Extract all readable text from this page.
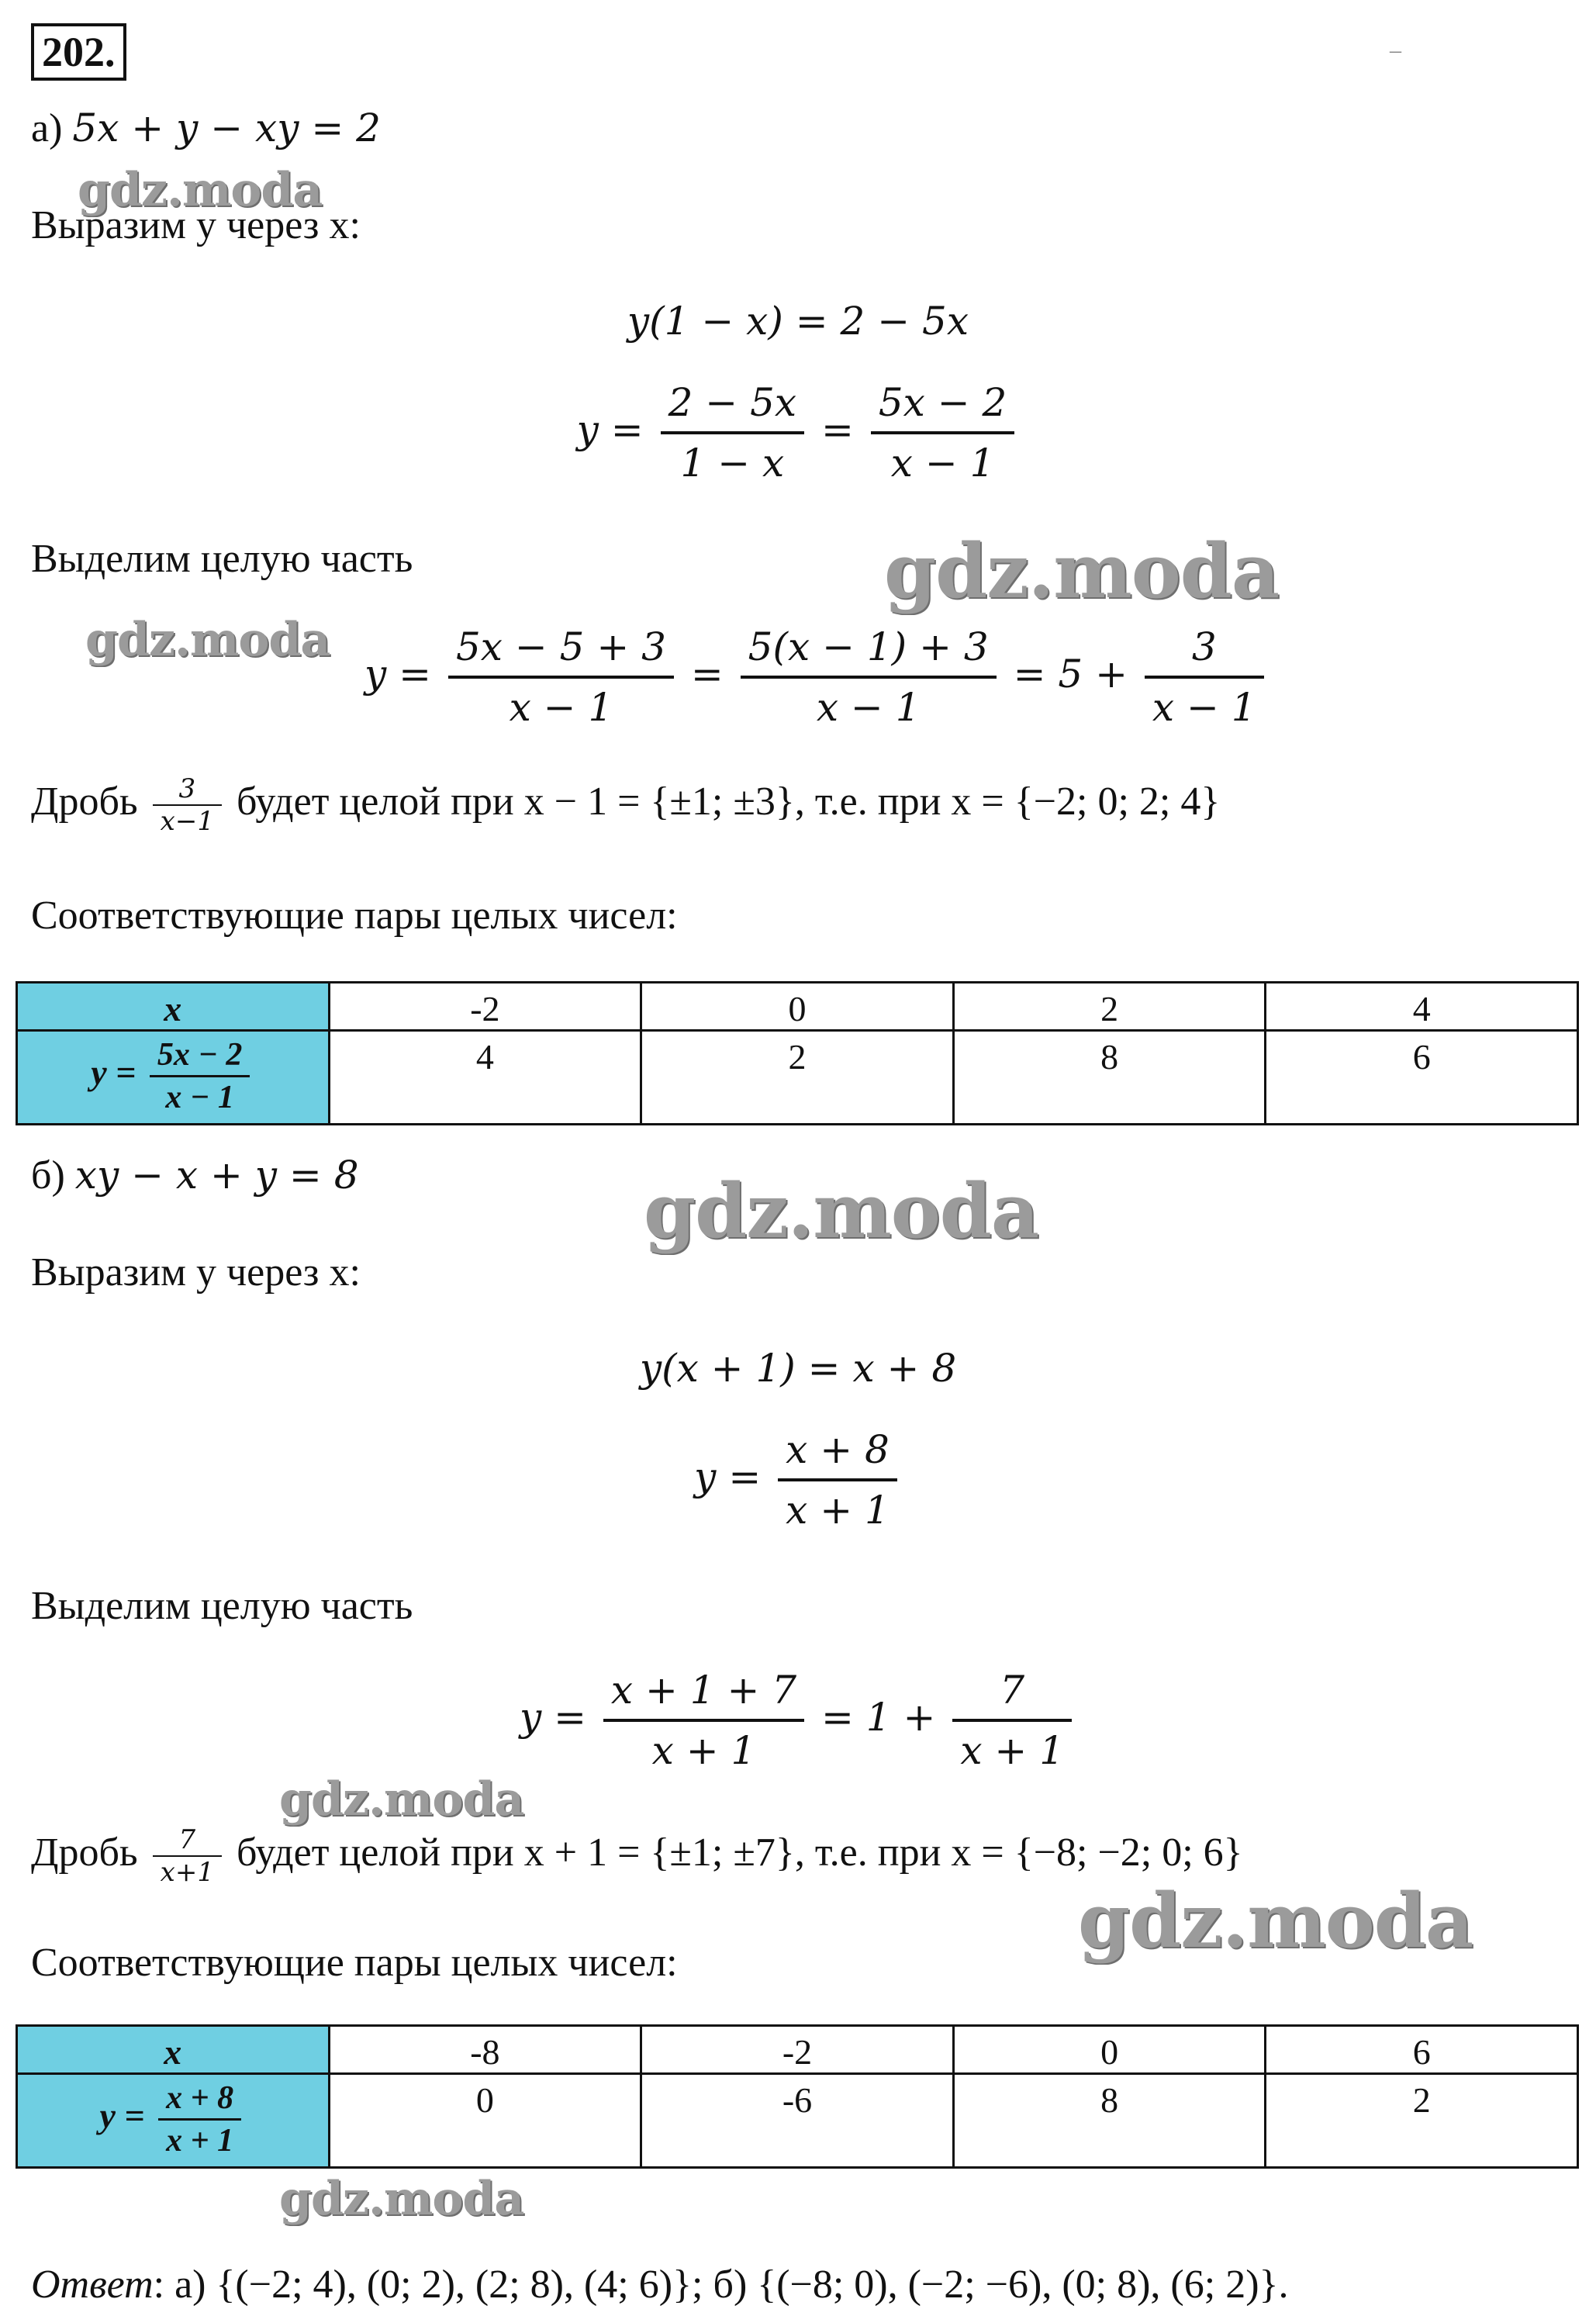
202.	–
а) 5x + y − xy = 2
gdz.moda
Выразим y через x:
y(1 − x) = 2 − 5x
$y = \frac{2 - 5x}{1 - x} = \frac{5x - 2}{x - 1}$
Выделим целую часть	gdz.moda
gdz.moda
$y = \frac{5x - 5 + 3}{x - 1} = \frac{5(x - 1) + 3}{x - 1} = 5 + \frac{3}{x - 1}$
Дробь $\frac{3}{x-1}$ будет целой при x − 1 = {±1; ±3}, т.е. при x = {−2; 0; 2; 4}
Соответствующие пары целых чисел:
x	-2	0	2	4
$y = \frac{5x - 2}{x - 1}$	4	2	8	6
б) xy − x + y = 8	gdz.moda
Выразим y через x:
y(x + 1) = x + 8
$y = \frac{x + 8}{x + 1}$
Выделим целую часть
$y = \frac{x + 1 + 7}{x + 1} = 1 + \frac{7}{x + 1}$
gdz.moda
Дробь $\frac{7}{x+1}$ будет целой при x + 1 = {±1; ±7}, т.е. при x = {−8; −2; 0; 6}
gdz.moda
Соответствующие пары целых чисел:
x	-8	-2	0	6
$y = \frac{x + 8}{x + 1}$	0	-6	8	2
gdz.moda
Ответ: а) {(−2; 4), (0; 2), (2; 8), (4; 6)}; б) {(−8; 0), (−2; −6), (0; 8), (6; 2)}.
